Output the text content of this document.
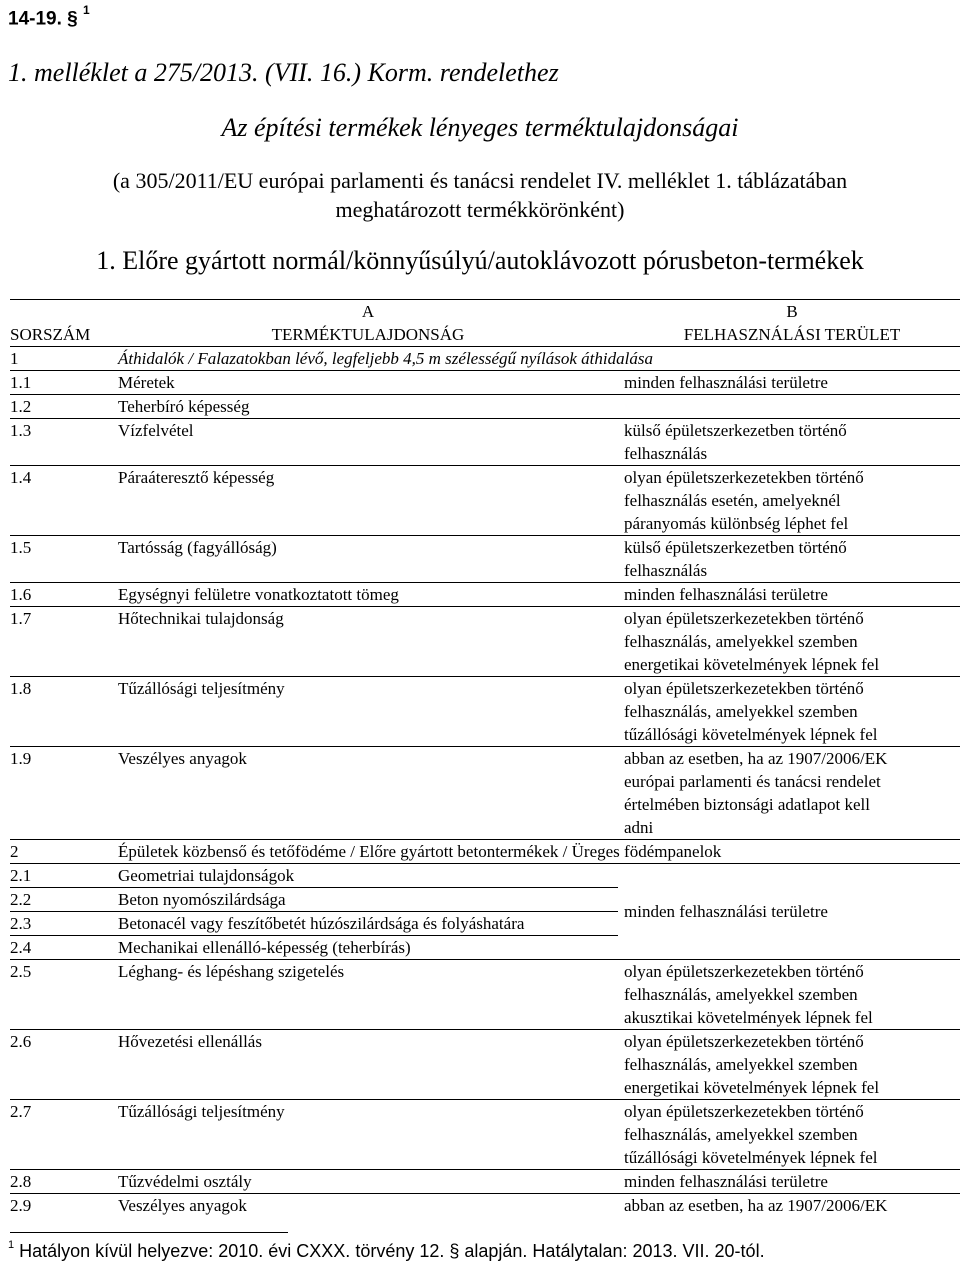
14-19. § $^1$
1. melléklet a 275/2013. (VII. 16.) Korm. rendelethez
Az építési termékek lényeges terméktulajdonságai
(a 305/2011/EU európai parlamenti és tanácsi rendelet IV. melléklet 1. táblázatában
meghatározott termékkörönként)
1. Előre gyártott normál/könnyűsúlyú/autoklávozott pórusbeton-termékek
	A	B
SORSZÁM	TERMÉKTULAJDONSÁG	FELHASZNÁLÁSI TERÜLET
1	Áthidalók / Falazatokban lévő, legfeljebb 4,5 m szélességű nyílások áthidalása	
1.1	Méretek	minden felhasználási területre
1.2	Teherbíró képesség	
1.3	Vízfelvétel	külső épületszerkezetben történő
felhasználás
1.4	Páraáteresztő képesség	olyan épületszerkezetekben történő
felhasználás esetén, amelyeknél
páranyomás különbség léphet fel
1.5	Tartósság (fagyállóság)	külső épületszerkezetben történő
felhasználás
1.6	Egységnyi felületre vonatkoztatott tömeg	minden felhasználási területre
1.7	Hőtechnikai tulajdonság	olyan épületszerkezetekben történő
felhasználás, amelyekkel szemben
energetikai követelmények lépnek fel
1.8	Tűzállósági teljesítmény	olyan épületszerkezetekben történő
felhasználás, amelyekkel szemben
tűzállósági követelmények lépnek fel
1.9	Veszélyes anyagok	abban az esetben, ha az 1907/2006/EK
európai parlamenti és tanácsi rendelet
értelmében biztonsági adatlapot kell
adni
2	Épületek közbenső és tetőfödéme / Előre gyártott betontermékek / Üreges födémpanelok	
2.1	Geometriai tulajdonságok	minden felhasználási területre
2.2	Beton nyomószilárdsága	
2.3	Betonacél vagy feszítőbetét húzószilárdsága és folyáshatára	
2.4	Mechanikai ellenálló-képesség (teherbírás)	
2.5	Léghang- és lépéshang szigetelés	olyan épületszerkezetekben történő
felhasználás, amelyekkel szemben
akusztikai követelmények lépnek fel
2.6	Hővezetési ellenállás	olyan épületszerkezetekben történő
felhasználás, amelyekkel szemben
energetikai követelmények lépnek fel
2.7	Tűzállósági teljesítmény	olyan épületszerkezetekben történő
felhasználás, amelyekkel szemben
tűzállósági követelmények lépnek fel
2.8	Tűzvédelmi osztály	minden felhasználási területre
2.9	Veszélyes anyagok	abban az esetben, ha az 1907/2006/EK
$^1$ Hatályon kívül helyezve: 2010. évi CXXX. törvény 12. § alapján. Hatálytalan: 2013. VII. 20-tól.
